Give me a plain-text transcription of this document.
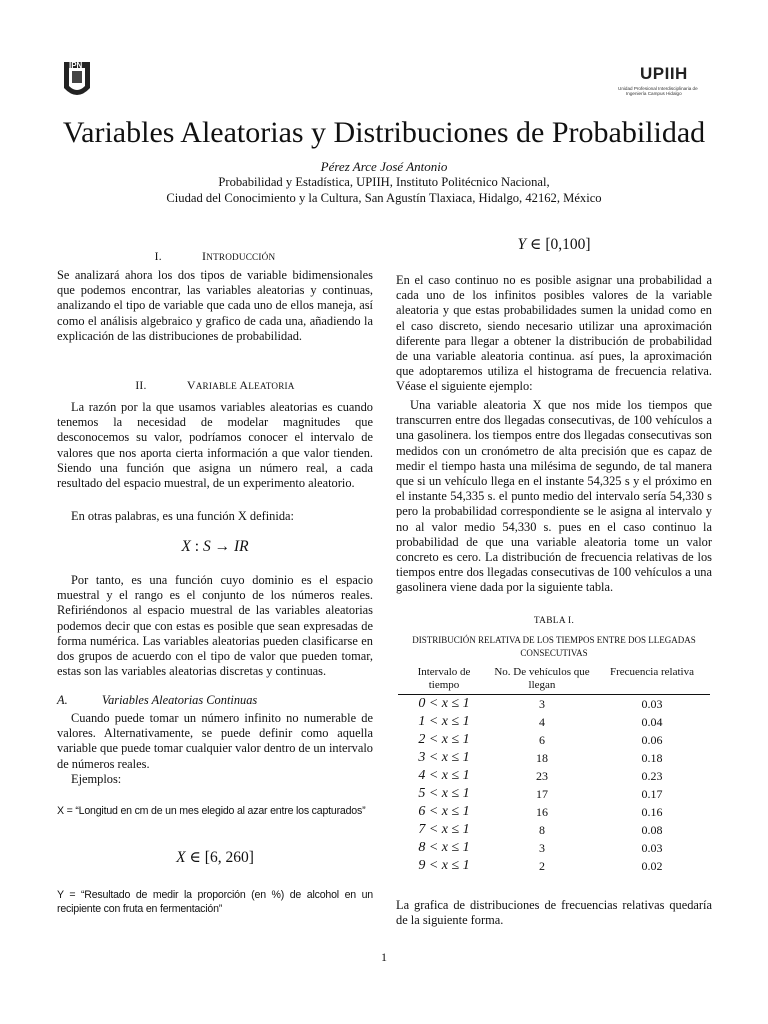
IPN	UPIIH
Unidad Profesional Interdisciplinaria de
Ingeniería Campus Hidalgo
Variables Aleatorias y Distribuciones de Probabilidad
Pérez Arce José Antonio
Probabilidad y Estadística, UPIIH, Instituto Politécnico Nacional,
Ciudad del Conocimiento y la Cultura, San Agustín Tlaxiaca, Hidalgo, 42162, México
I.	INTRODUCCIÓN

Se analizará ahora los dos tipos de variable bidimensionales que podemos encontrar, las variables aleatorias y continuas, analizando el tipo de variable que cada uno de ellos maneja, así como el análisis algebraico y grafico de cada una, añadiendo la explicación de las distribuciones de probabilidad.

II.	VARIABLE ALEATORIA

La razón por la que usamos variables aleatorias es cuando tenemos la necesidad de modelar magnitudes que desconocemos su valor, podríamos conocer el intervalo de valores que nos aporta cierta información a que valor tienden. Siendo una función que asigna un número real, a cada resultado del espacio muestral, de un experimento aleatorio.

En otras palabras, es una función X definida:

X : S → IR

Por tanto, es una función cuyo dominio es el espacio muestral y el rango es el conjunto de los números reales. Refiriéndonos al espacio muestral de las variables aleatorias podemos decir que con estas es posible que sean expresadas de forma numérica. Las variables aleatorias pueden clasificarse en dos grupos de acuerdo con el tipo de valor que pueden tomar, estas son las variables aleatorias discretas y continuas.

A.	Variables Aleatorias Continuas

Cuando puede tomar un número infinito no numerable de valores. Alternativamente, se puede definir como aquella variable que puede tomar cualquier valor dentro de un intervalo de números reales.

Ejemplos:

X = “Longitud en cm de un mes elegido al azar entre los capturados”

X ∈ [6, 260]

Y = “Resultado de medir la proporción (en %) de alcohol en un recipiente con fruta en fermentación”

Y ∈ [0,100]

En el caso continuo no es posible asignar una probabilidad a cada uno de los infinitos posibles valores de la variable aleatoria y que estas probabilidades sumen la unidad como en el caso discreto, siendo necesario utilizar una aproximación diferente para llegar a obtener la distribución de probabilidad de una variable aleatoria continua. así pues, la aproximación que adoptaremos utiliza el histograma de frecuencia relativa. Véase el siguiente ejemplo:

Una variable aleatoria X que nos mide los tiempos que transcurren entre dos llegadas consecutivas, de 100 vehículos a una gasolinera. los tiempos entre dos llegadas consecutivas son medidos con un cronómetro de alta precisión que es capaz de medir el tiempo hasta una milésima de segundo, de tal manera que si un vehículo llega en el instante 54,325 s y el próximo en el instante 54,335 s. el punto medio del intervalo sería 54,330 s pero la probabilidad correspondiente se le asigna al intervalo y no al valor medio 54,330 s. pues en el caso continuo la probabilidad de que una variable aleatoria tome un valor concreto es cero. La distribución de frecuencia relativas de los tiempos entre dos llegadas consecutivas de 100 vehículos a una gasolinera viene dada por la siguiente tabla.

TABLA I.
DISTRIBUCIÓN RELATIVA DE LOS TIEMPOS ENTRE DOS LLEGADAS CONSECUTIVAS
Intervalo de tiempo	No. De vehículos que llegan	Frecuencia relativa
0 < x ≤ 1	3	0.03
1 < x ≤ 1	4	0.04
2 < x ≤ 1	6	0.06
3 < x ≤ 1	18	0.18
4 < x ≤ 1	23	0.23
5 < x ≤ 1	17	0.17
6 < x ≤ 1	16	0.16
7 < x ≤ 1	8	0.08
8 < x ≤ 1	3	0.03
9 < x ≤ 1	2	0.02

La grafica de distribuciones de frecuencias relativas quedaría de la siguiente forma.

1
